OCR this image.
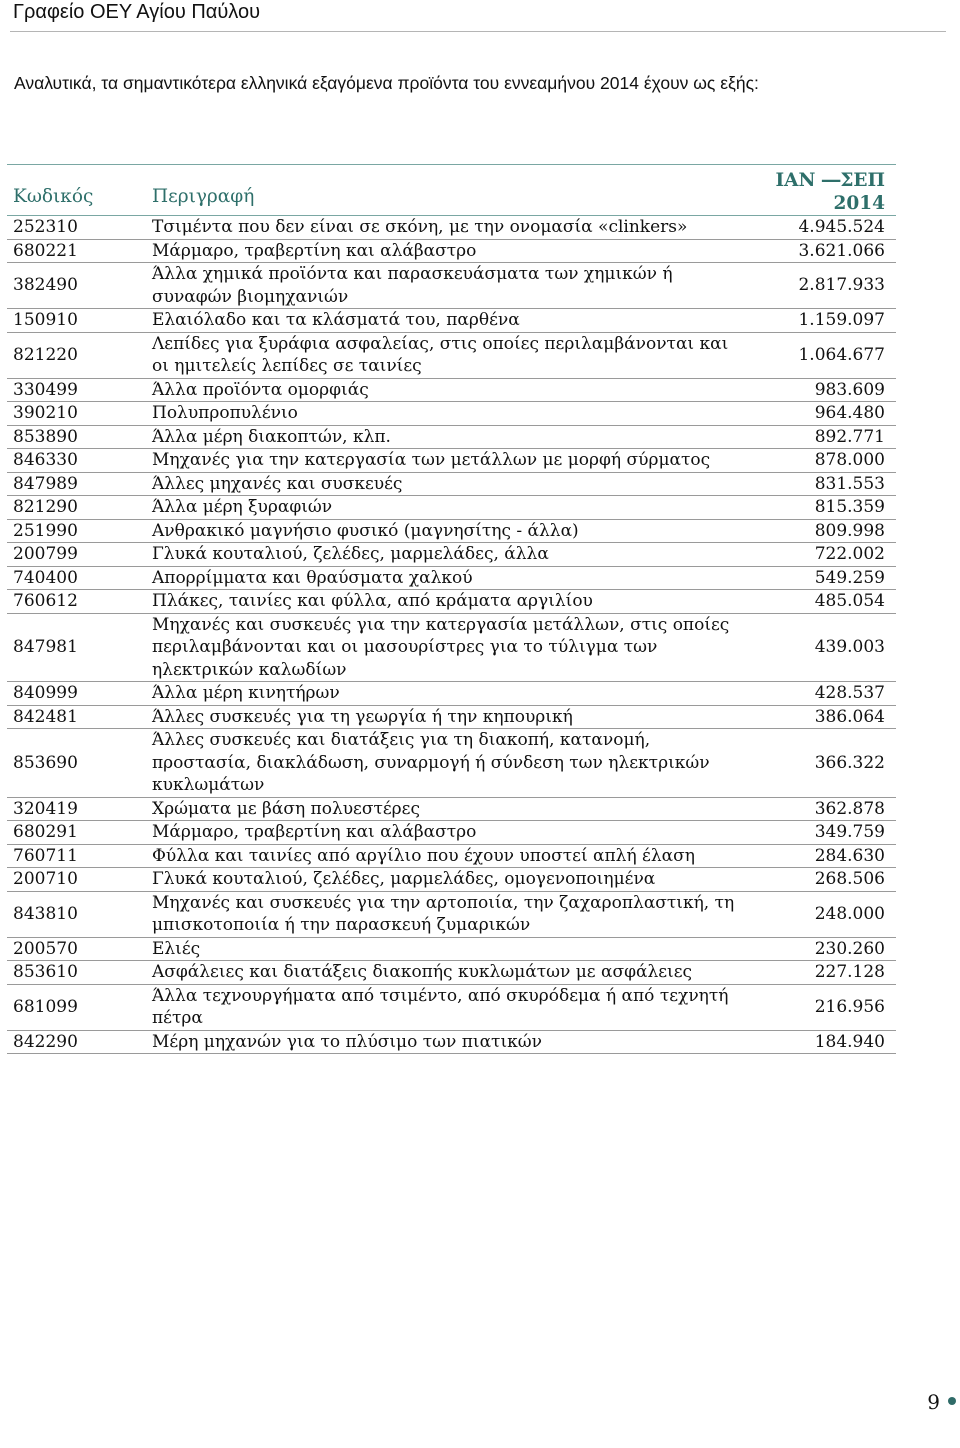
Γραφείο ΟΕΥ Αγίου Παύλου
Αναλυτικά, τα σημαντικότερα ελληνικά εξαγόμενα προϊόντα του εννεαμήνου 2014 έχουν ως εξής:
Κωδικός	Περιγραφή	ΙΑΝ ―ΣΕΠ
2014

252310	Τσιμέντα που δεν είναι σε σκόνη, με την ονομασία «clinkers»	4.945.524
680221	Μάρμαρο, τραβερτίνη και αλάβαστρο	3.621.066
382490	Άλλα χημικά προϊόντα και παρασκευάσματα των χημικών ή συναφών βιομηχανιών	2.817.933
150910	Ελαιόλαδο και τα κλάσματά του, παρθένα	1.159.097
821220	Λεπίδες για ξυράφια ασφαλείας, στις οποίες περιλαμβάνονται και οι ημιτελείς λεπίδες σε ταινίες	1.064.677
330499	Άλλα προϊόντα ομορφιάς	983.609
390210	Πολυπροπυλένιο	964.480
853890	Άλλα μέρη διακοπτών, κλπ.	892.771
846330	Μηχανές για την κατεργασία των μετάλλων με μορφή σύρματος	878.000
847989	Άλλες μηχανές και συσκευές	831.553
821290	Άλλα μέρη ξυραφιών	815.359
251990	Ανθρακικό μαγνήσιο φυσικό (μαγνησίτης - άλλα)	809.998
200799	Γλυκά κουταλιού, ζελέδες, μαρμελάδες, άλλα	722.002
740400	Απορρίμματα και θραύσματα χαλκού	549.259
760612	Πλάκες, ταινίες και φύλλα, από κράματα αργιλίου	485.054
847981	Μηχανές και συσκευές για την κατεργασία μετάλλων, στις οποίες περιλαμβάνονται και οι μασουρίστρες για το τύλιγμα των ηλεκτρικών καλωδίων	439.003
840999	Άλλα μέρη κινητήρων	428.537
842481	Άλλες συσκευές για τη γεωργία ή την κηπουρική	386.064
853690	Άλλες συσκευές και διατάξεις για τη διακοπή, κατανομή, προστασία, διακλάδωση, συναρμογή ή σύνδεση των ηλεκτρικών κυκλωμάτων	366.322
320419	Χρώματα με βάση πολυεστέρες	362.878
680291	Μάρμαρο, τραβερτίνη και αλάβαστρο	349.759
760711	Φύλλα και ταινίες από αργίλιο που έχουν υποστεί απλή έλαση	284.630
200710	Γλυκά κουταλιού, ζελέδες, μαρμελάδες, ομογενοποιημένα	268.506
843810	Μηχανές και συσκευές για την αρτοποιία, την ζαχαροπλαστική, τη μπισκοτοποιία ή την παρασκευή ζυμαρικών	248.000
200570	Ελιές	230.260
853610	Ασφάλειες και διατάξεις διακοπής κυκλωμάτων με ασφάλειες	227.128
681099	Άλλα τεχνουργήματα από τσιμέντο, από σκυρόδεμα ή από τεχνητή πέτρα	216.956
842290	Μέρη μηχανών για το πλύσιμο των πιατικών	184.940
9
